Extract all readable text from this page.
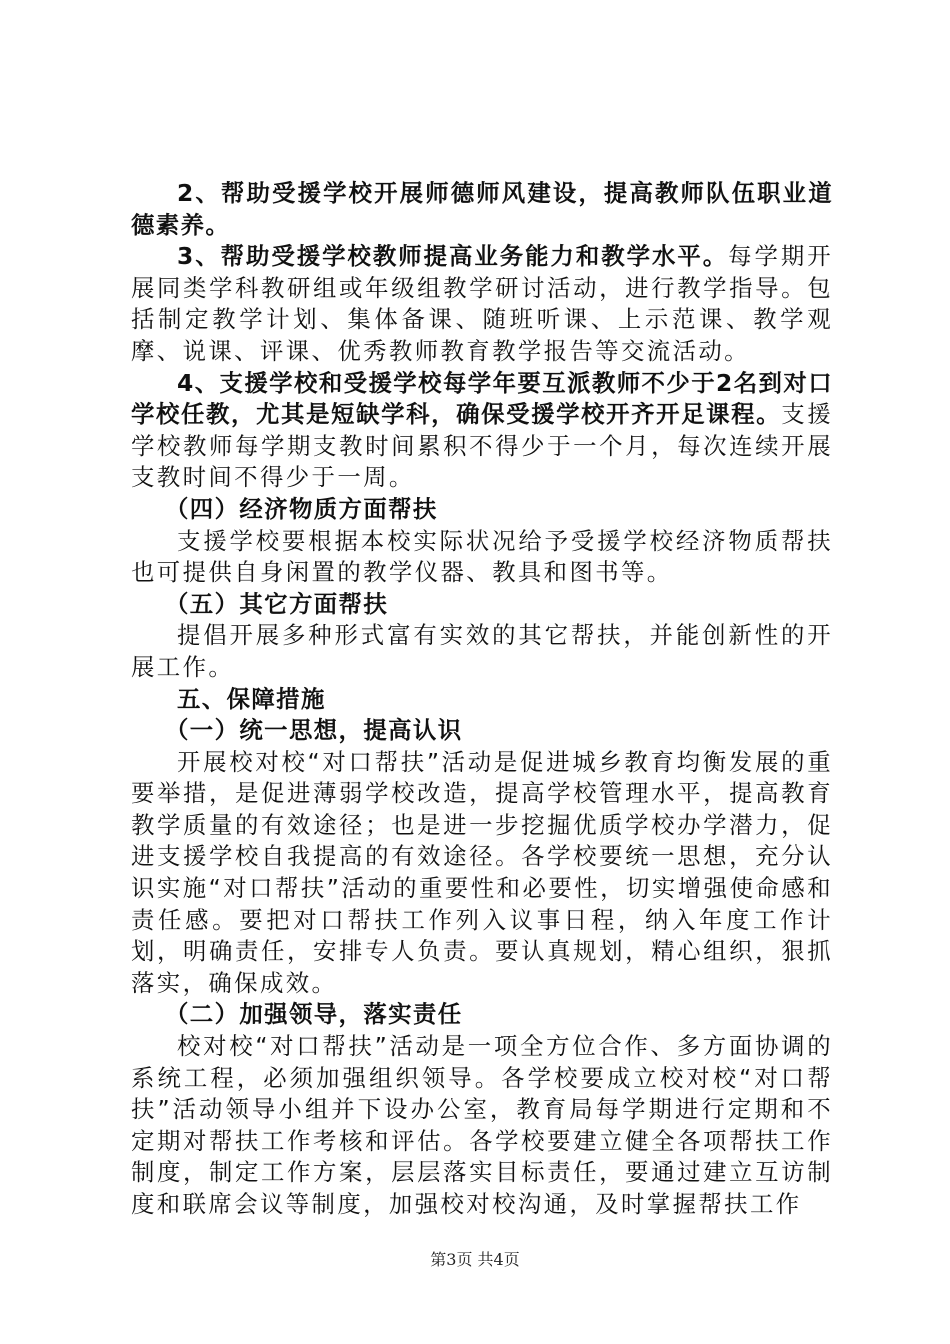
2、帮助受援学校开展师德师风建设，提高教师队伍职业道德素养。

3、帮助受援学校教师提高业务能力和教学水平。每学期开展同类学科教研组或年级组教学研讨活动，进行教学指导。包括制定教学计划、集体备课、随班听课、上示范课、教学观摩、说课、评课、优秀教师教育教学报告等交流活动。

4、支援学校和受援学校每学年要互派教师不少于2名到对口学校任教，尤其是短缺学科，确保受援学校开齐开足课程。支援学校教师每学期支教时间累积不得少于一个月，每次连续开展支教时间不得少于一周。

（四）经济物质方面帮扶

支援学校要根据本校实际状况给予受援学校经济物质帮扶也可提供自身闲置的教学仪器、教具和图书等。

（五）其它方面帮扶

提倡开展多种形式富有实效的其它帮扶，并能创新性的开展工作。

五、保障措施

（一）统一思想，提高认识

开展校对校“对口帮扶”活动是促进城乡教育均衡发展的重要举措，是促进薄弱学校改造，提高学校管理水平，提高教育教学质量的有效途径；也是进一步挖掘优质学校办学潜力，促进支援学校自我提高的有效途径。各学校要统一思想，充分认识实施“对口帮扶”活动的重要性和必要性，切实增强使命感和责任感。要把对口帮扶工作列入议事日程，纳入年度工作计划，明确责任，安排专人负责。要认真规划，精心组织，狠抓落实，确保成效。

（二）加强领导，落实责任

校对校“对口帮扶”活动是一项全方位合作、多方面协调的系统工程，必须加强组织领导。各学校要成立校对校“对口帮扶”活动领导小组并下设办公室，教育局每学期进行定期和不定期对帮扶工作考核和评估。各学校要建立健全各项帮扶工作制度，制定工作方案，层层落实目标责任，要通过建立互访制度和联席会议等制度，加强校对校沟通，及时掌握帮扶工作

第3页 共4页
